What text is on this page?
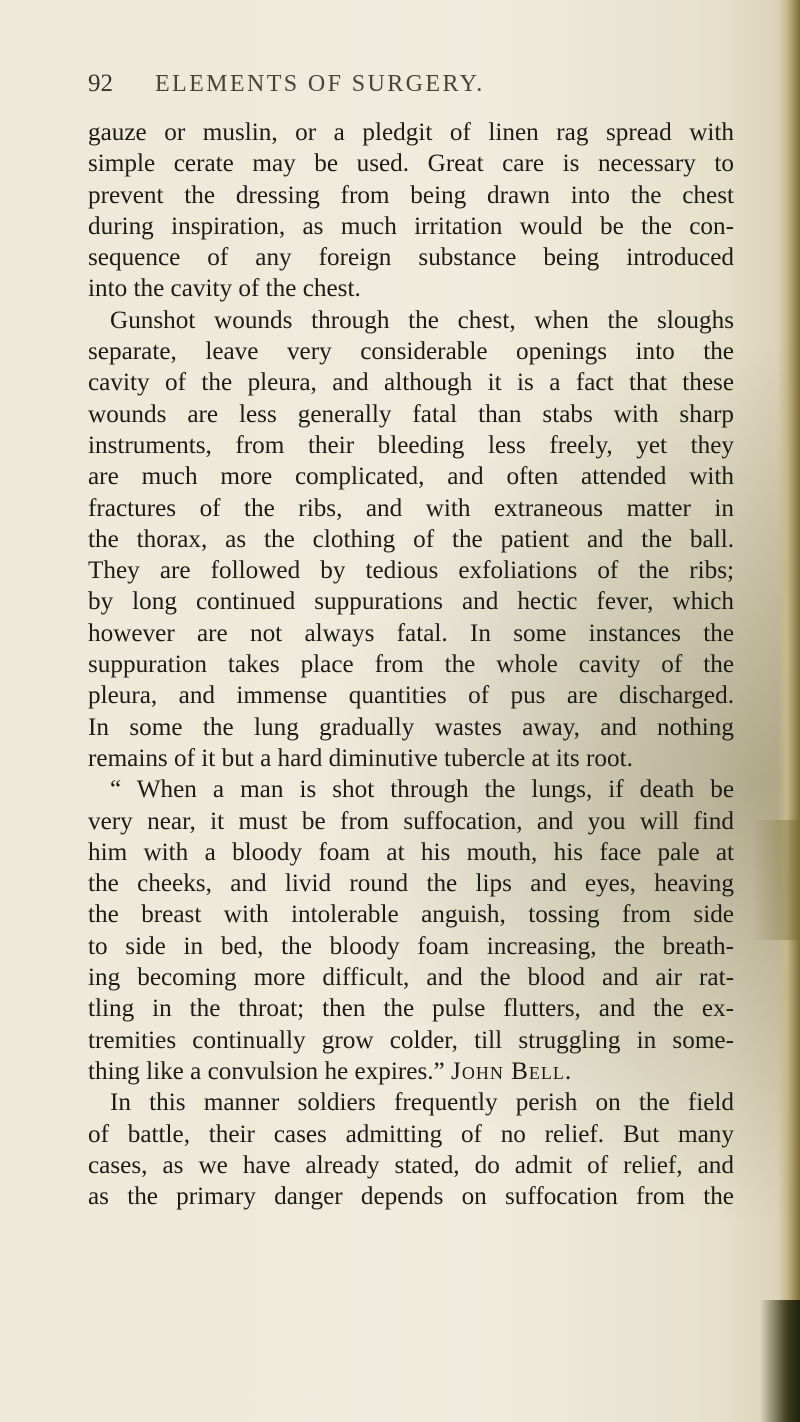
92 ELEMENTS OF SURGERY.
gauze or muslin, or a pledgit of linen rag spread with
simple cerate may be used. Great care is necessary to
prevent the dressing from being drawn into the chest
during inspiration, as much irritation would be the con-
sequence of any foreign substance being introduced
into the cavity of the chest.
Gunshot wounds through the chest, when the sloughs
separate, leave very considerable openings into the
cavity of the pleura, and although it is a fact that these
wounds are less generally fatal than stabs with sharp
instruments, from their bleeding less freely, yet they
are much more complicated, and often attended with
fractures of the ribs, and with extraneous matter in
the thorax, as the clothing of the patient and the ball.
They are followed by tedious exfoliations of the ribs;
by long continued suppurations and hectic fever, which
however are not always fatal. In some instances the
suppuration takes place from the whole cavity of the
pleura, and immense quantities of pus are discharged.
In some the lung gradually wastes away, and nothing
remains of it but a hard diminutive tubercle at its root.
“ When a man is shot through the lungs, if death be
very near, it must be from suffocation, and you will find
him with a bloody foam at his mouth, his face pale at
the cheeks, and livid round the lips and eyes, heaving
the breast with intolerable anguish, tossing from side
to side in bed, the bloody foam increasing, the breath-
ing becoming more difficult, and the blood and air rat-
tling in the throat; then the pulse flutters, and the ex-
tremities continually grow colder, till struggling in some-
thing like a convulsion he expires.” John Bell.
In this manner soldiers frequently perish on the field
of battle, their cases admitting of no relief. But many
cases, as we have already stated, do admit of relief, and
as the primary danger depends on suffocation from the
